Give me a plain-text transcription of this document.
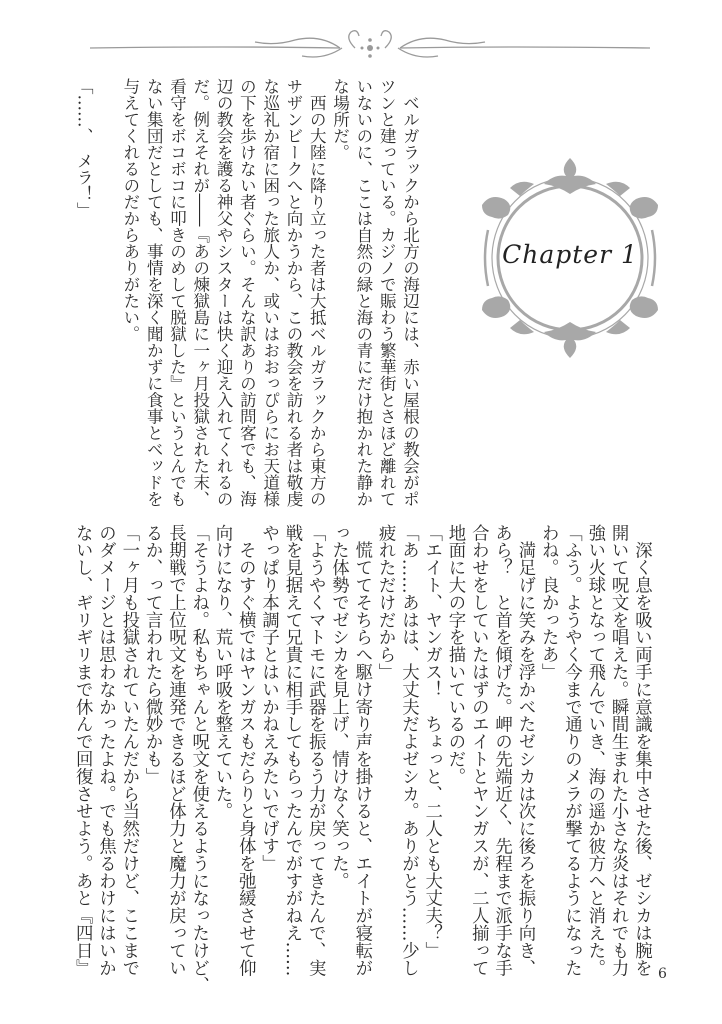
Chapter 1
　ベルガラックから北方の海辺には、赤い屋根の教会がポ
ツンと建っている。カジノで賑わう繁華街とさほど離れて
いないのに、ここは自然の緑と海の青にだけ抱かれた静か
な場所だ。
　西の大陸に降り立った者は大抵ベルガラックから東方の
サザンビークへと向かうから、この教会を訪れる者は敬虔
な巡礼か宿に困った旅人か、或いはおおっぴらにお天道様
の下を歩けない者ぐらい。そんな訳ありの訪問客でも、海
辺の教会を護る神父やシスターは快く迎え入れてくれるの
だ。例えそれが――『あの煉獄島に一ヶ月投獄された末、
看守をボコボコに叩きのめして脱獄した』というとんでも
ない集団だとしても、事情を深く聞かずに食事とベッドを
与えてくれるのだからありがたい。
「……、　メラ！」
　深く息を吸い両手に意識を集中させた後、ゼシカは腕を
開いて呪文を唱えた。瞬間生まれた小さな炎はそれでも力
強い火球となって飛んでいき、海の遥か彼方へと消えた。
「ふう。ようやく今まで通りのメラが撃てるようになった
わね。良かったあ」
　満足げに笑みを浮かべたゼシカは次に後ろを振り向き、
あら？　と首を傾げた。岬の先端近く、先程まで派手な手
合わせをしていたはずのエイトとヤンガスが、二人揃って
地面に大の字を描いているのだ。
「エイト、ヤンガス！　ちょっと、二人とも大丈夫？」
「あ……あはは、大丈夫だよゼシカ。ありがとう……少し
疲れただけだから」
　慌ててそちらへ駆け寄り声を掛けると、エイトが寝転が
った体勢でゼシカを見上げ、情けなく笑った。
「ようやくマトモに武器を振るう力が戻ってきたんで、実
戦を見据えて兄貴に相手してもらったんでがすがねえ……
やっぱり本調子とはいかねえみたいでげす」
　そのすぐ横ではヤンガスもだらりと身体を弛緩させて仰
向けになり、荒い呼吸を整えていた。
「そうよね。私もちゃんと呪文を使えるようになったけど、
長期戦で上位呪文を連発できるほど体力と魔力が戻ってい
るか、って言われたら微妙かも」
「一ヶ月も投獄されていたんだから当然だけど、ここまで
のダメージとは思わなかったよね。でも焦るわけにはいか
ないし、ギリギリまで休んで回復させよう。あと『四日』	6
